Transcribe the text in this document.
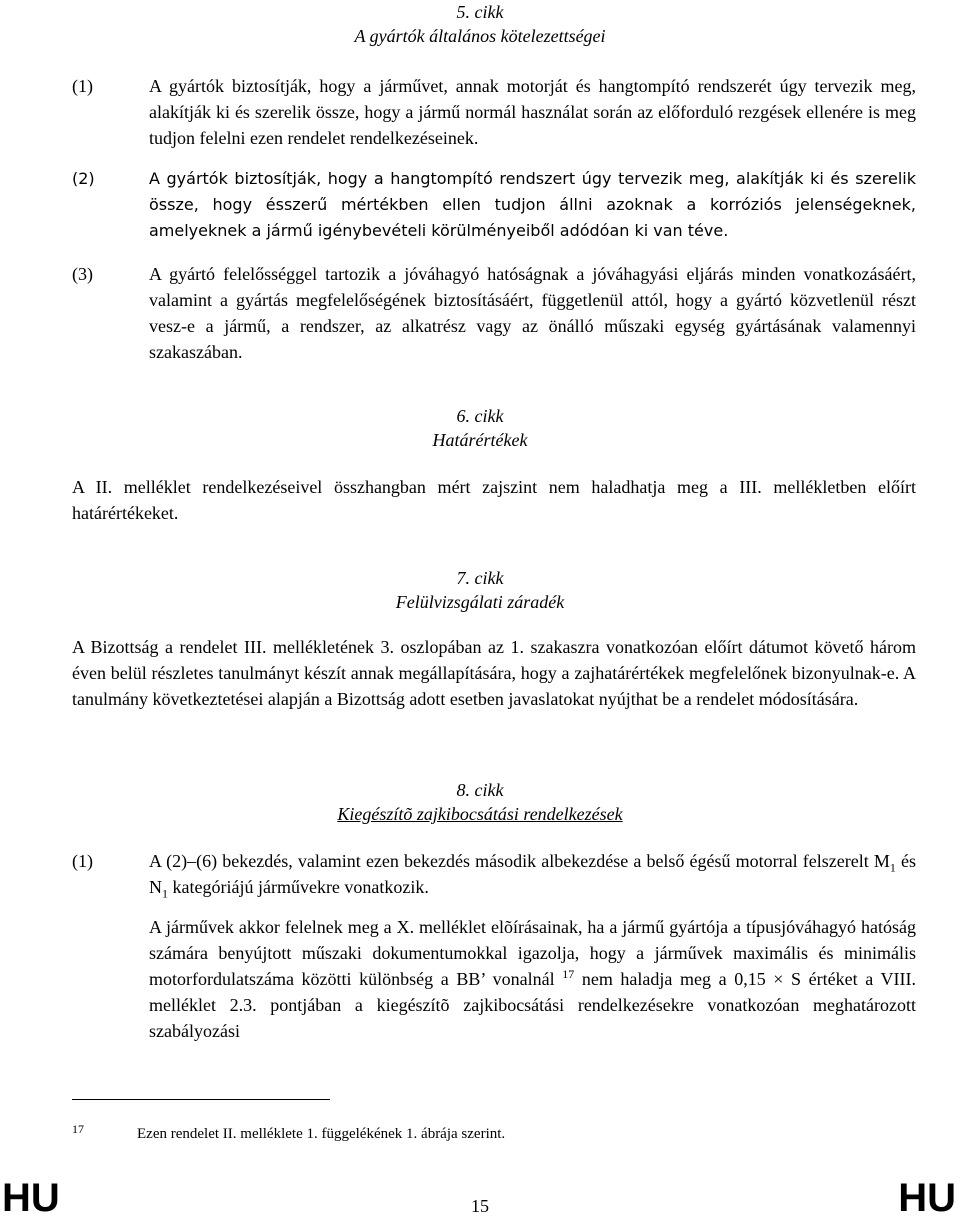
5. cikk
A gyártók általános kötelezettségei
(1)	A gyártók biztosítják, hogy a járművet, annak motorját és hangtompító rendszerét úgy tervezik meg, alakítják ki és szerelik össze, hogy a jármű normál használat során az előforduló rezgések ellenére is meg tudjon felelni ezen rendelet rendelkezéseinek.
(2)	A gyártók biztosítják, hogy a hangtompító rendszert úgy tervezik meg, alakítják ki és szerelik össze, hogy ésszerű mértékben ellen tudjon állni azoknak a korróziós jelenségeknek, amelyeknek a jármű igénybevételi körülményeiből adódóan ki van téve.
(3)	A gyártó felelősséggel tartozik a jóváhagyó hatóságnak a jóváhagyási eljárás minden vonatkozásáért, valamint a gyártás megfelelőségének biztosításáért, függetlenül attól, hogy a gyártó közvetlenül részt vesz-e a jármű, a rendszer, az alkatrész vagy az önálló műszaki egység gyártásának valamennyi szakaszában.
6. cikk
Határértékek
A II. melléklet rendelkezéseivel összhangban mért zajszint nem haladhatja meg a III. mellékletben előírt határértékeket.
7. cikk
Felülvizsgálati záradék
A Bizottság a rendelet III. mellékletének 3. oszlopában az 1. szakaszra vonatkozóan előírt dátumot követő három éven belül részletes tanulmányt készít annak megállapítására, hogy a zajhatárértékek megfelelőnek bizonyulnak-e. A tanulmány következtetései alapján a Bizottság adott esetben javaslatokat nyújthat be a rendelet módosítására.
8. cikk
Kiegészítõ zajkibocsátási rendelkezések
(1)	A (2)–(6) bekezdés, valamint ezen bekezdés második albekezdése a belső égésű motorral felszerelt $M_1$ és $N_1$ kategóriájú járművekre vonatkozik.
A járművek akkor felelnek meg a X. melléklet elõírásainak, ha a jármű gyártója a típusjóváhagyó hatóság számára benyújtott műszaki dokumentumokkal igazolja, hogy a járművek maximális és minimális motorfordulatszáma közötti különbség a BB’ vonalnál $^{17}$ nem haladja meg a 0,15 × S értéket a VIII. melléklet 2.3. pontjában a kiegészítõ zajkibocsátási rendelkezésekre vonatkozóan meghatározott szabályozási
17	Ezen rendelet II. melléklete 1. függelékének 1. ábrája szerint.
HU	15	HU
